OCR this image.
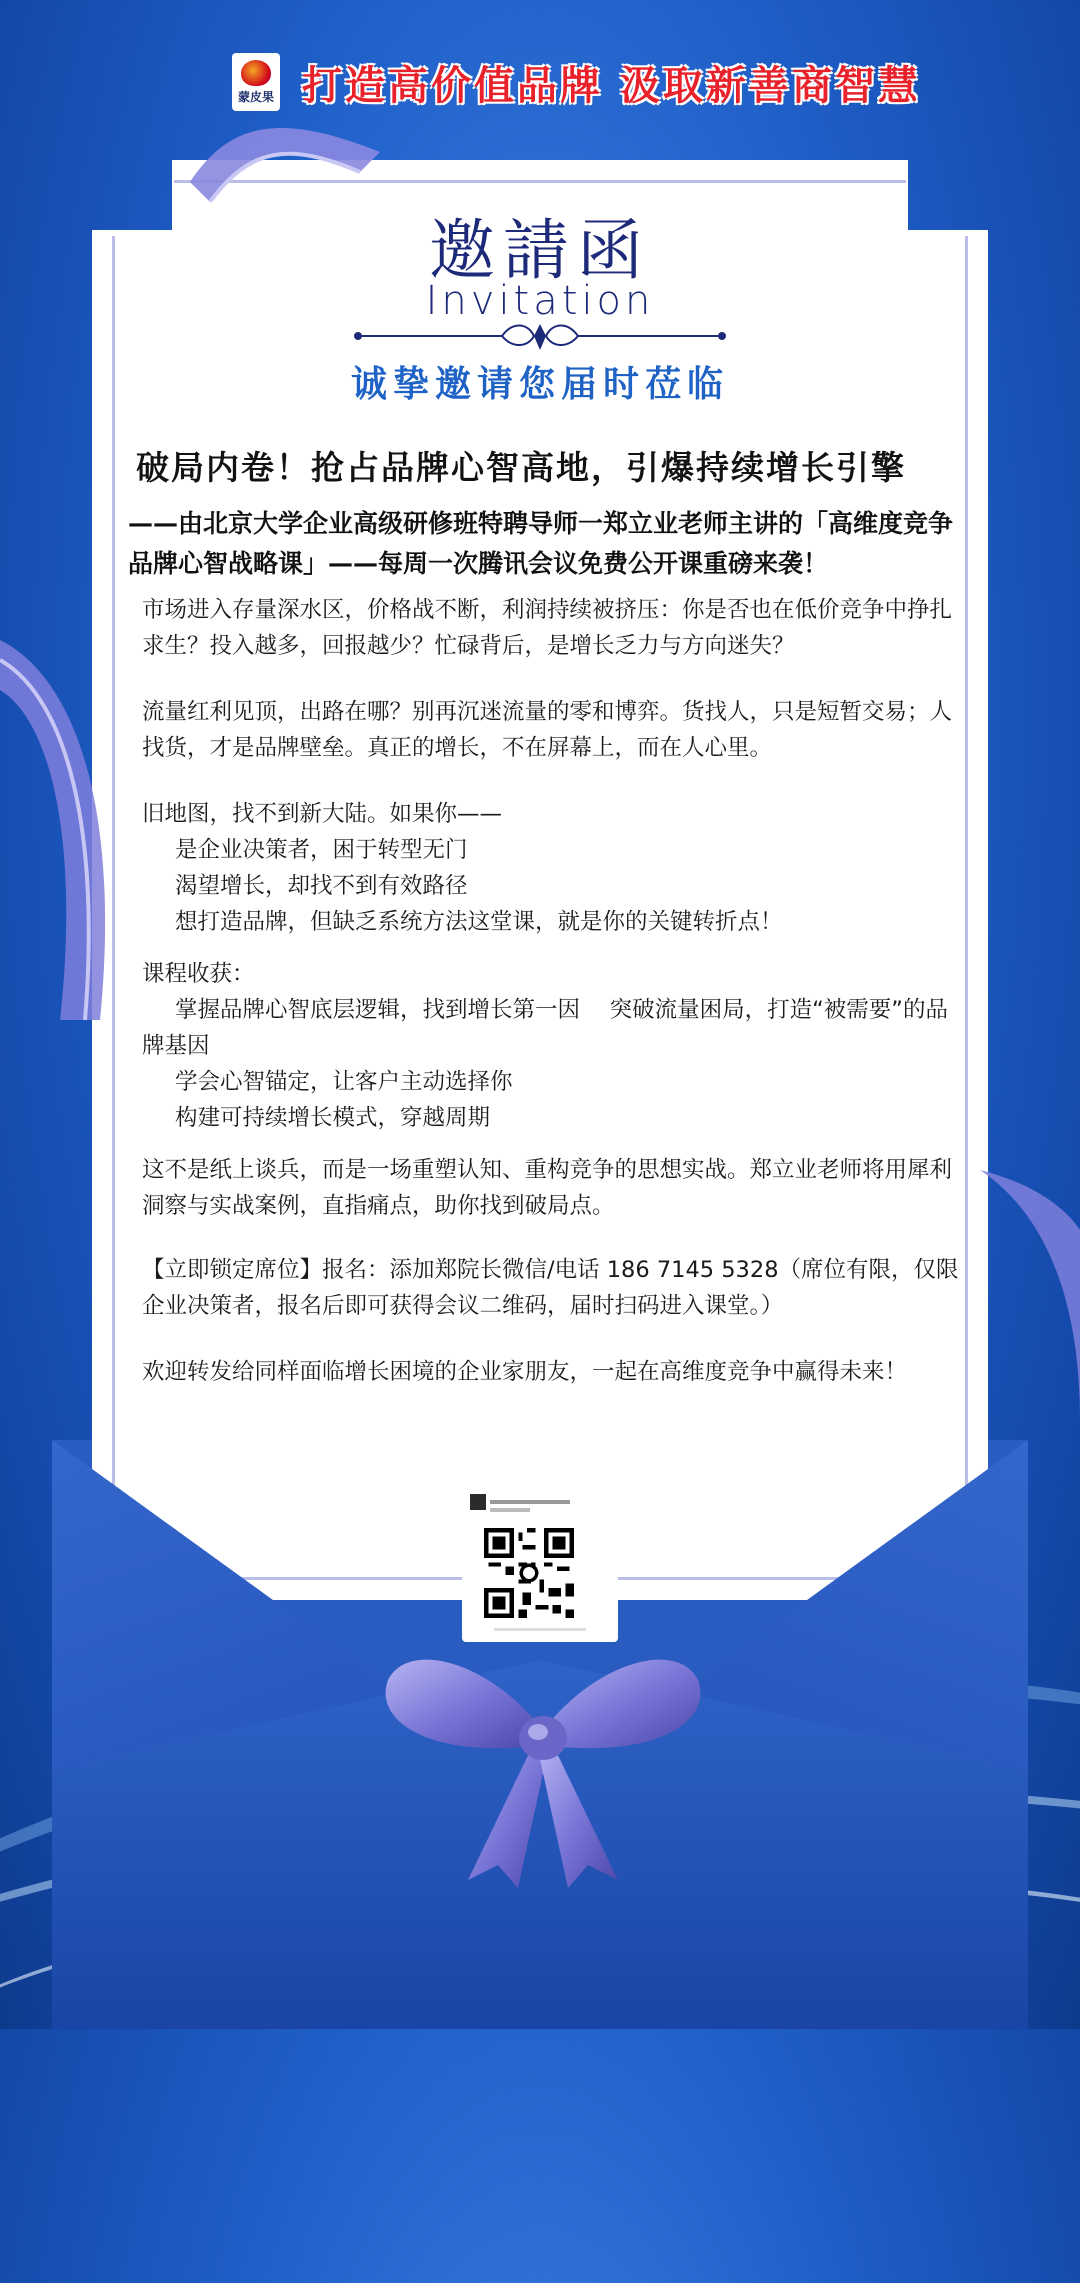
蒙皮果 打造高价值品牌 汲取新善商智慧
邀請函
Invitation
诚挚邀请您届时莅临
破局内卷！抢占品牌心智高地，引爆持续增长引擎
——由北京大学企业高级研修班特聘导师一郑立业老师主讲的「高维度竞争品牌心智战略课」——每周一次腾讯会议免费公开课重磅来袭！

市场进入存量深水区，价格战不断，利润持续被挤压：你是否也在低价竞争中挣扎求生？投入越多，回报越少？忙碌背后，是增长乏力与方向迷失？

流量红利见顶，出路在哪？别再沉迷流量的零和博弈。货找人，只是短暂交易；人找货，才是品牌壁垒。真正的增长，不在屏幕上，而在人心里。

旧地图，找不到新大陆。如果你——

是企业决策者，困于转型无门

渴望增长，却找不到有效路径

想打造品牌，但缺乏系统方法这堂课，就是你的关键转折点！

课程收获：

掌握品牌心智底层逻辑，找到增长第一因　 突破流量困局，打造“被需要”的品牌基因

学会心智锚定，让客户主动选择你

构建可持续增长模式，穿越周期

这不是纸上谈兵，而是一场重塑认知、重构竞争的思想实战。郑立业老师将用犀利洞察与实战案例，直指痛点，助你找到破局点。

【立即锁定席位】报名：添加郑院长微信/电话 186 7145 5328（席位有限，仅限企业决策者，报名后即可获得会议二维码，届时扫码进入课堂。）

欢迎转发给同样面临增长困境的企业家朋友，一起在高维度竞争中赢得未来！

行业洞察 定制方案 价值交付 透明合作
